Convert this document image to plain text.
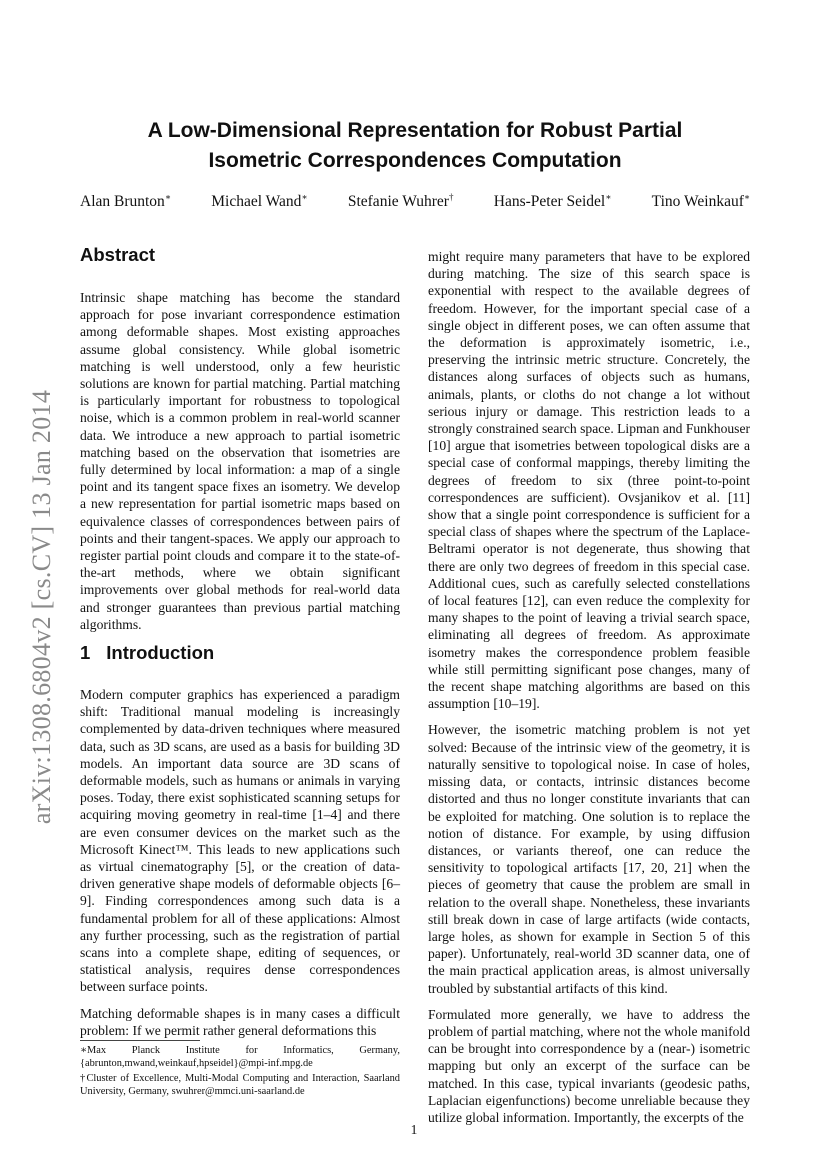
arXiv:1308.6804v2 [cs.CV] 13 Jan 2014
A Low-Dimensional Representation for Robust Partial
Isometric Correspondences Computation
Alan Brunton∗	Michael Wand∗	Stefanie Wuhrer†	Hans-Peter Seidel∗	Tino Weinkauf∗
Abstract

Intrinsic shape matching has become the standard approach for pose invariant correspondence estimation among deformable shapes. Most existing approaches assume global consistency. While global isometric matching is well understood, only a few heuristic solutions are known for partial matching. Partial matching is particularly important for robustness to topological noise, which is a common problem in real-world scanner data. We introduce a new approach to partial isometric matching based on the observation that isometries are fully determined by local information: a map of a single point and its tangent space fixes an isometry. We develop a new representation for partial isometric maps based on equivalence classes of correspondences between pairs of points and their tangent-spaces. We apply our approach to register partial point clouds and compare it to the state-of-the-art methods, where we obtain significant improvements over global methods for real-world data and stronger guarantees than previous partial matching algorithms.

1 Introduction

Modern computer graphics has experienced a paradigm shift: Traditional manual modeling is increasingly complemented by data-driven techniques where measured data, such as 3D scans, are used as a basis for building 3D models. An important data source are 3D scans of deformable models, such as humans or animals in varying poses. Today, there exist sophisticated scanning setups for acquiring moving geometry in real-time [1–4] and there are even consumer devices on the market such as the Microsoft Kinect™. This leads to new applications such as virtual cinematography [5], or the creation of data-driven generative shape models of deformable objects [6–9]. Finding correspondences among such data is a fundamental problem for all of these applications: Almost any further processing, such as the registration of partial scans into a complete shape, editing of sequences, or statistical analysis, requires dense correspondences between surface points.

Matching deformable shapes is in many cases a difficult problem: If we permit rather general deformations this

might require many parameters that have to be explored during matching. The size of this search space is exponential with respect to the available degrees of freedom. However, for the important special case of a single object in different poses, we can often assume that the deformation is approximately isometric, i.e., preserving the intrinsic metric structure. Concretely, the distances along surfaces of objects such as humans, animals, plants, or cloths do not change a lot without serious injury or damage. This restriction leads to a strongly constrained search space. Lipman and Funkhouser [10] argue that isometries between topological disks are a special case of conformal mappings, thereby limiting the degrees of freedom to six (three point-to-point correspondences are sufficient). Ovsjanikov et al. [11] show that a single point correspondence is sufficient for a special class of shapes where the spectrum of the Laplace-Beltrami operator is not degenerate, thus showing that there are only two degrees of freedom in this special case. Additional cues, such as carefully selected constellations of local features [12], can even reduce the complexity for many shapes to the point of leaving a trivial search space, eliminating all degrees of freedom. As approximate isometry makes the correspondence problem feasible while still permitting significant pose changes, many of the recent shape matching algorithms are based on this assumption [10–19].

However, the isometric matching problem is not yet solved: Because of the intrinsic view of the geometry, it is naturally sensitive to topological noise. In case of holes, missing data, or contacts, intrinsic distances become distorted and thus no longer constitute invariants that can be exploited for matching. One solution is to replace the notion of distance. For example, by using diffusion distances, or variants thereof, one can reduce the sensitivity to topological artifacts [17, 20, 21] when the pieces of geometry that cause the problem are small in relation to the overall shape. Nonetheless, these invariants still break down in case of large artifacts (wide contacts, large holes, as shown for example in Section 5 of this paper). Unfortunately, real-world 3D scanner data, one of the main practical application areas, is almost universally troubled by substantial artifacts of this kind.

Formulated more generally, we have to address the problem of partial matching, where not the whole manifold can be brought into correspondence by a (near-) isometric mapping but only an excerpt of the surface can be matched. In this case, typical invariants (geodesic paths, Laplacian eigenfunctions) become unreliable because they utilize global information. Importantly, the excerpts of the

∗Max Planck Institute for Informatics, Germany, {abrunton,mwand,weinkauf,hpseidel}@mpi-inf.mpg.de
†Cluster of Excellence, Multi-Modal Computing and Interaction, Saarland University, Germany, swuhrer@mmci.uni-saarland.de
1
